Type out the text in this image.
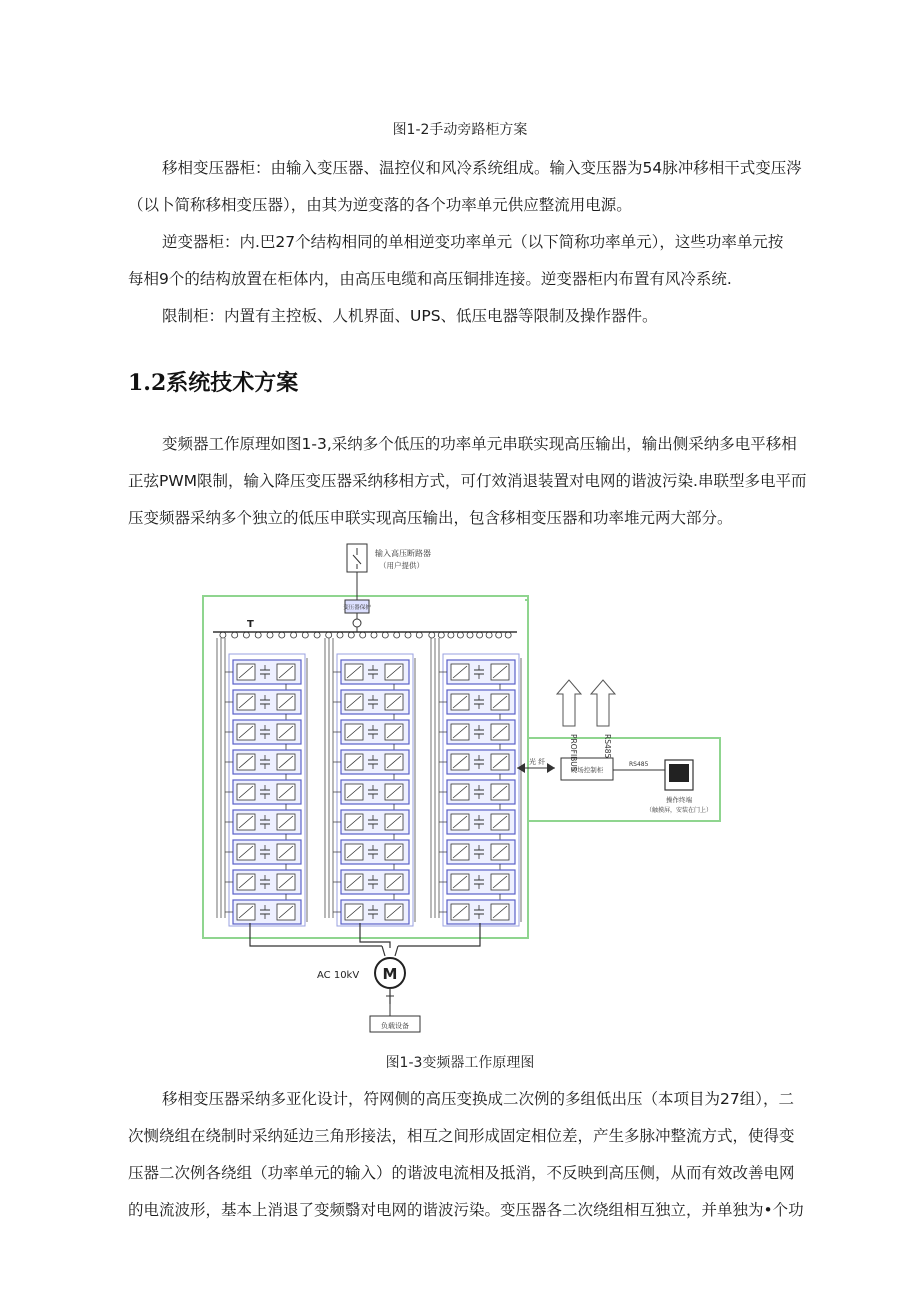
图1-2手动旁路柜方案
移相变压器柜：由输入变压器、温控仪和风冷系统组成。输入变压器为54脉冲移相干式变压涔
（以卜简称移相变压器），由其为逆变落的各个功率单元供应整流用电源。
逆变器柜：内.巴27个结构相同的单相逆变功率单元（以下简称功率单元），这些功率单元按
每相9个的结构放置在柜体内，由高压电缆和高压铜排连接。逆变器柜内布置有风冷系统.
限制柜：内置有主控板、人机界面、UPS、低压电器等限制及操作器件。
1.2系统技术方案
变频器工作原理如图1-3,采纳多个低压的功率单元串联实现高压输出，输出侧采纳多电平移相
正弦PWM限制，输入降压变压器采纳移相方式，可仃效消退装置对电网的谐波污染.串联型多电平而
压变频器采纳多个独立的低压申联实现高压输出，包含移相变压器和功率堆元两大部分。
输入高压断路器
（用户提供）
变压器保护
T
光 纤
现场控制柜
PROFIBUS	RS485
RS485
操作终端
（触摸屏，安装在门上）
M
AC 10kV
负载设备
图1-3变频器工作原理图
移相变压器采纳多亚化设计，符网侧的高压变换成二次例的多组低出压（本项目为27组），二
次恻绕组在绕制时采纳延边三角形接法，相互之间形成固定相位差，产生多脉冲整流方式，使得变
压器二次例各绕组（功率单元的输入）的谐波电流相及抵消，不反映到高压侧，从而有效改善电网
的电流波形，基本上消退了变频翳对电网的谐波污染。变压器各二次绕组相互独立，并单独为•个功
